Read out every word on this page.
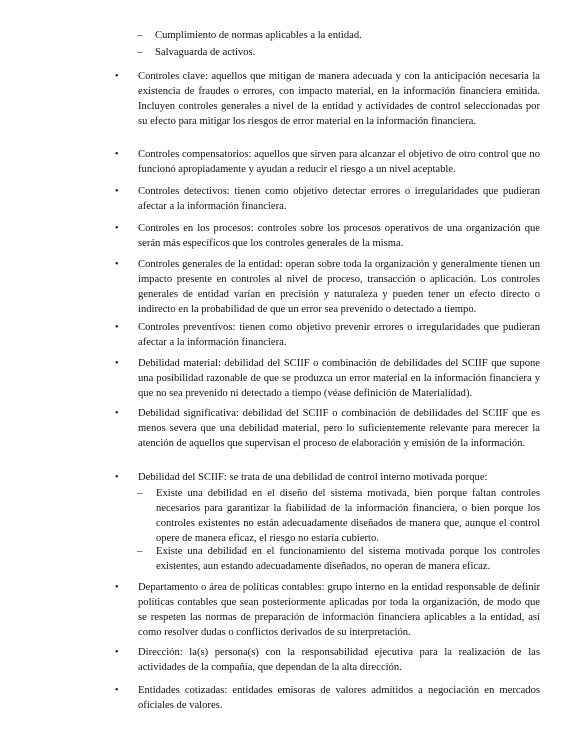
– Cumplimiento de normas aplicables a la entidad.
– Salvaguarda de activos.
•	Controles clave: aquellos que mitigan de manera adecuada y con la anticipación necesaria la existencia de fraudes o errores, con impacto material, en la información financiera emitida. Incluyen controles generales a nivel de la entidad y actividades de control seleccionadas por su efecto para mitigar los riesgos de error material en la información financiera.
•	Controles compensatorios: aquellos que sirven para alcanzar el objetivo de otro control que no funcionó apropiadamente y ayudan a reducir el riesgo a un nivel aceptable.
•	Controles detectivos: tienen como objetivo detectar errores o irregularidades que pudieran afectar a la información financiera.
•	Controles en los procesos: controles sobre los procesos operativos de una organización que serán más específicos que los controles generales de la misma.
•	Controles generales de la entidad: operan sobre toda la organización y generalmente tienen un impacto presente en controles al nivel de proceso, transacción o aplicación. Los controles generales de entidad varían en precisión y naturaleza y pueden tener un efecto directo o indirecto en la probabilidad de que un error sea prevenido o detectado a tiempo.
•	Controles preventivos: tienen como objetivo prevenir errores o irregularidades que pudieran afectar a la información financiera.
•	Debilidad material: debilidad del SCIIF o combinación de debilidades del SCIIF que supone una posibilidad razonable de que se produzca un error material en la información financiera y que no sea prevenido ni detectado a tiempo (véase definición de Materialidad).
•	Debilidad significativa: debilidad del SCIIF o combinación de debilidades del SCIIF que es menos severa que una debilidad material, pero lo suficientemente relevante para merecer la atención de aquellos que supervisan el proceso de elaboración y emisión de la información.
•	Debilidad del SCIIF: se trata de una debilidad de control interno motivada porque:
– Existe una debilidad en el diseño del sistema motivada, bien porque faltan controles necesarios para garantizar la fiabilidad de la información financiera, o bien porque los controles existentes no están adecuadamente diseñados de manera que, aunque el control opere de manera eficaz, el riesgo no estaría cubierto.
– Existe una debilidad en el funcionamiento del sistema motivada porque los controles existentes, aun estando adecuadamente diseñados, no operan de manera eficaz.
•	Departamento o área de políticas contables: grupo interno en la entidad responsable de definir políticas contables que sean posteriormente aplicadas por toda la organización, de modo que se respeten las normas de preparación de información financiera aplicables a la entidad, así como resolver dudas o conflictos derivados de su interpretación.
•	Dirección: la(s) persona(s) con la responsabilidad ejecutiva para la realización de las actividades de la compañía, que dependan de la alta dirección.
•	Entidades cotizadas: entidades emisoras de valores admitidos a negociación en mercados oficiales de valores.
